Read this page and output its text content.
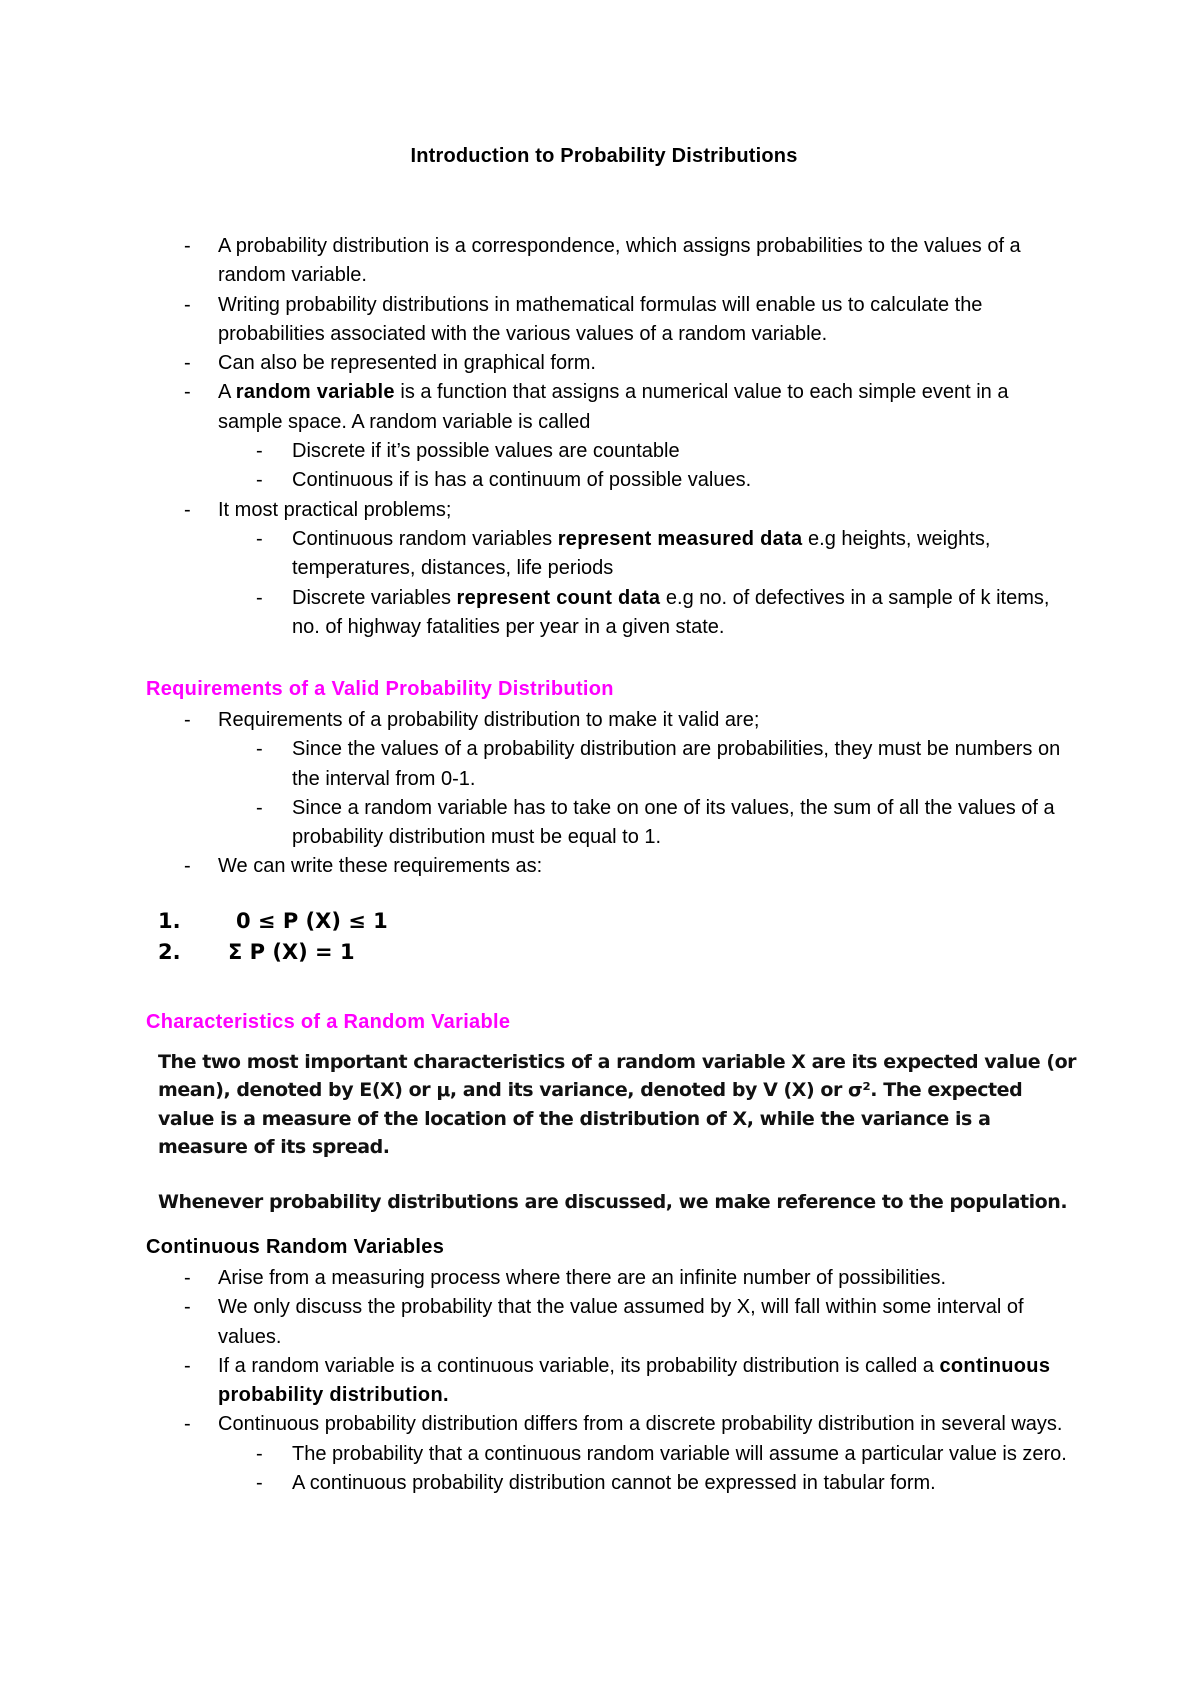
Introduction to Probability Distributions
- A probability distribution is a correspondence, which assigns probabilities to the values of a random variable.
- Writing probability distributions in mathematical formulas will enable us to calculate the probabilities associated with the various values of a random variable.
- Can also be represented in graphical form.
- A random variable is a function that assigns a numerical value to each simple event in a sample space. A random variable is called
- Discrete if it’s possible values are countable
- Continuous if is has a continuum of possible values.
- It most practical problems;
- Continuous random variables represent measured data e.g heights, weights, temperatures, distances, life periods
- Discrete variables represent count data e.g no. of defectives in a sample of k items, no. of highway fatalities per year in a given state.
Requirements of a Valid Probability Distribution
- Requirements of a probability distribution to make it valid are;
- Since the values of a probability distribution are probabilities, they must be numbers on the interval from 0-1.
- Since a random variable has to take on one of its values, the sum of all the values of a probability distribution must be equal to 1.
- We can write these requirements as:
1.	0 ≤ P (X) ≤ 1
2.	Σ P (X) = 1
Characteristics of a Random Variable

The two most important characteristics of a random variable X are its expected value (or mean), denoted by E(X) or μ, and its variance, denoted by V (X) or σ². The expected value is a measure of the location of the distribution of X, while the variance is a measure of its spread.

Whenever probability distributions are discussed, we make reference to the population.

Continuous Random Variables
- Arise from a measuring process where there are an infinite number of possibilities.
- We only discuss the probability that the value assumed by X, will fall within some interval of values.
- If a random variable is a continuous variable, its probability distribution is called a continuous probability distribution.
- Continuous probability distribution differs from a discrete probability distribution in several ways.
- The probability that a continuous random variable will assume a particular value is zero.
- A continuous probability distribution cannot be expressed in tabular form.
